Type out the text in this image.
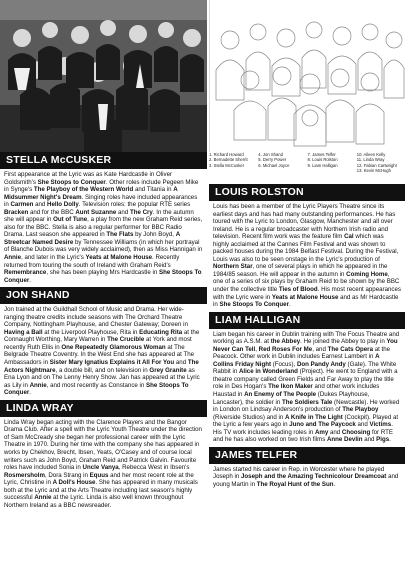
1. Richard Howard
2. Bernadette Sherrit
3. Stella McCusker
4. Jon Shand
5. Derry Power
6. Michael Joyce
7. James Telfer
8. Louis Rolston
9. Liam Halligan
10. Aileen Kelly
11. Linda Wray
12. Fabian Cartwright
13. Kevin McHugh
STELLA McCUSKER

First appearance at the Lyric was as Kate Hardcastle in Oliver Goldsmith's She Stoops to Conquer. Other roles include Pegeen Mike in Synge's The Playboy of the Western World and Titania in A Midsummer Night's Dream. Singing roles have included appearances in Carmen and Hello Dolly. Television roles: the popular RTE series Bracken and for the BBC Aunt Suzanne and The Cry. In the autumn she will appear in Out of Tune, a play from the new Graham Reid series, also for the BBC. Stella is also a regular performer for BBC Radio Drama. Last season she appeared in The Flats by John Boyd, A Streetcar Named Desire by Tennessee Williams (in which her portrayal of Blanche Dubois was very widely acclaimed), then as Miss Hannigan in Annie, and later in the Lyric's Yeats at Malone House. Recently returned from touring the south of Ireland with Graham Reid's Remembrance, she has been playing Mrs Hardcastle in She Stoops To Conquer.

JON SHAND

Jon trained at the Guildhall School of Music and Drama. Her wide-ranging theatre credits include seasons with The Orchard Theatre Company, Nottingham Playhouse, and Chester Gateway; Doreen in Having a Ball at the Liverpool Playhouse, Rita in Educating Rita at the Connaught Worthing, Mary Warren in The Crucible at York and most recently Ruth Ellis in One Repeatedly Glamorous Woman at The Belgrade Theatre Coventry. In the West End she has appeared at The Ambassadors in Sister Mary Ignatius Explains it All For You and The Actors Nightmare, a double bill, and on television in Grey Granite as Ena Lyon and on The Lenny Henry Show. Jan has appeared at the Lyric as Lily in Annie, and most recently as Constance in She Stoops To Conquer.

LINDA WRAY

Linda Wray began acting with the Clarence Players and the Bangor Drama Club. After a spell with the Lyric Youth Theatre under the direction of Sam McCready she began her professional career with the Lyric Theatre in 1970. During her time with the company she has appeared in works by Chekhov, Brecht, Ibsen, Yeats, O'Casey and of course local writers such as John Boyd, Graham Reid and Patrick Galvin. Favourite roles have included Sonia in Uncle Vanya, Rebecca West in Ibsen's Rosmersholm, Dora Strang in Equus and her most recent role at the Lyric, Christine in A Doll's House. She has appeared in many musicals both at the Lyric and at the Arts Theatre including last season's highly successful Annie at the Lyric. Linda is also well known throughout Northern Ireland as a BBC newsreader.

LOUIS ROLSTON

Louis has been a member of the Lyric Players Theatre since its earliest days and has had many outstanding performances. He has toured with the Lyric to London, Glasgow, Manchester and all over Ireland. He is a regular broadcaster with Northern Irish radio and television. Recent film work was the feature film Cal which was highly acclaimed at the Cannes Film Festival and was shown to packed houses during the 1984 Belfast Festival. During the Festival, Louis was also to be seen onstage in the Lyric's production of Northern Star, one of several plays in which he appeared in the 1984/85 season. He will appear in the autumn in Coming Home, one of a series of six plays by Graham Reid to be shown by the BBC under the collective title Ties of Blood. His most recent appearances with the Lyric were in Yeats at Malone House and as Mr Hardcastle in She Stoops To Conquer.

LIAM HALLIGAN

Liam began his career in Dublin training with The Focus Theatre and working as A.S.M. at the Abbey. He joined the Abbey to play in You Never Can Tell, Red Roses For Me, and The Cats Opera at the Peacock. Other work in Dublin includes Earnest Lambert in A Collins Friday Night (Focus), Don Pandy Andy (Gate). The White Rabbit in Alice in Wonderland (Project). He went to England with a theatre company called Green Fields and Far Away to play the title role in Des Hogan's The Ikon Maker and other work includes Haustad in An Enemy of The People (Dukes Playhouse, Lancaster), the soldier in The Soldiers Tale (Newcastle). He worked in London on Lindsay Anderson's production of The Playboy (Riverside Studios) and in A Knife in The Light (Cockpit). Played at the Lyric a few years ago in Juno and The Paycock and Victims. His TV work includes leading roles in Amy and Choosing for RTE and he has also worked on two Irish films Anne Devlin and Pigs.

JAMES TELFER

James started his career in Rep. in Worcester where he played Joseph in Joseph and the Amazing Technicolour Dreamcoat and young Martin in The Royal Hunt of the Sun.
